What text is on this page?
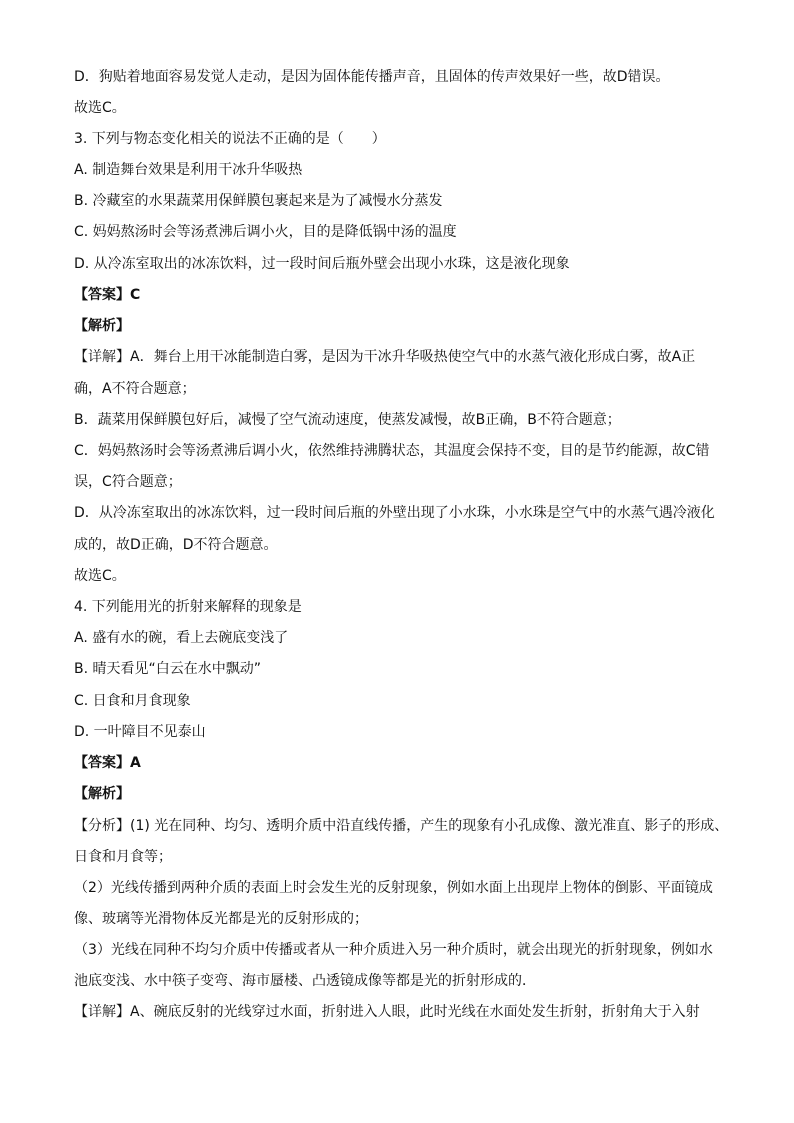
D．狗贴着地面容易发觉人走动，是因为固体能传播声音，且固体的传声效果好一些，故D错误。
故选C。
3. 下列与物态变化相关的说法不正确的是（　　）
A. 制造舞台效果是利用干冰升华吸热
B. 冷藏室的水果蔬菜用保鲜膜包裹起来是为了减慢水分蒸发
C. 妈妈熬汤时会等汤煮沸后调小火，目的是降低锅中汤的温度
D. 从冷冻室取出的冰冻饮料，过一段时间后瓶外壁会出现小水珠，这是液化现象
【答案】C
【解析】
【详解】A．舞台上用干冰能制造白雾，是因为干冰升华吸热使空气中的水蒸气液化形成白雾，故A正
确，A不符合题意；
B．蔬菜用保鲜膜包好后，减慢了空气流动速度，使蒸发减慢，故B正确，B不符合题意；
C．妈妈熬汤时会等汤煮沸后调小火，依然维持沸腾状态，其温度会保持不变，目的是节约能源，故C错
误，C符合题意；
D．从冷冻室取出的冰冻饮料，过一段时间后瓶的外壁出现了小水珠，小水珠是空气中的水蒸气遇冷液化
成的，故D正确，D不符合题意。
故选C。
4. 下列能用光的折射来解释的现象是
A. 盛有水的碗，看上去碗底变浅了
B. 晴天看见“白云在水中飘动”
C. 日食和月食现象
D. 一叶障目不见泰山
【答案】A
【解析】
【分析】(1) 光在同种、均匀、透明介质中沿直线传播，产生的现象有小孔成像、激光准直、影子的形成、
日食和月食等；
（2）光线传播到两种介质的表面上时会发生光的反射现象，例如水面上出现岸上物体的倒影、平面镜成
像、玻璃等光滑物体反光都是光的反射形成的；
（3）光线在同种不均匀介质中传播或者从一种介质进入另一种介质时，就会出现光的折射现象，例如水
池底变浅、水中筷子变弯、海市蜃楼、凸透镜成像等都是光的折射形成的．
【详解】A、碗底反射的光线穿过水面，折射进入人眼，此时光线在水面处发生折射，折射角大于入射
